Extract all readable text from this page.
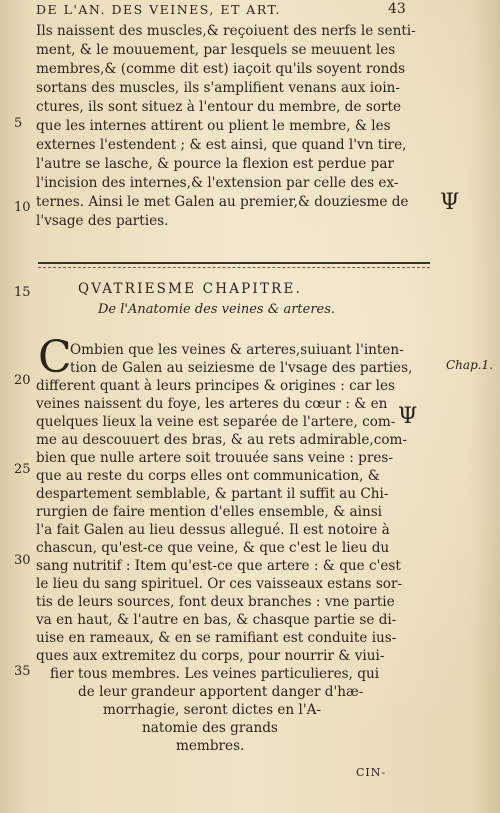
DE L'AN. DES VEINES, ET ART.	43
Ils naissent des muscles,& reçoiuent des nerfs le senti-
ment, & le mouuement, par lesquels se meuuent les
membres,& (comme dit est) iaçoit qu'ils soyent ronds
sortans des muscles, ils s'amplifient venans aux ioin-
ctures, ils sont situez à l'entour du membre, de sorte
que les internes attirent ou plient le membre, & les
externes l'estendent ; & est ainsi, que quand l'vn tire,
l'autre se lasche, & pource la flexion est perdue par
l'incision des internes,& l'extension par celle des ex-
ternes. Ainsi le met Galen au premier,& douziesme de
l'vsage des parties.
5
10
15
20
25
30
35
Ψ
Ψ
QVATRIESME CHAPITRE.
De l'Anatomie des veines & arteres.
C	Chap.1.
Ombien que les veines & arteres,suiuant l'inten-
tion de Galen au seiziesme de l'vsage des parties,
different quant à leurs principes & origines : car les
veines naissent du foye, les arteres du cœur : & en
quelques lieux la veine est separée de l'artere, com-
me au descouuert des bras, & au rets admirable,com-
bien que nulle artere soit trouuée sans veine : pres-
que au reste du corps elles ont communication, &
despartement semblable, & partant il suffit au Chi-
rurgien de faire mention d'elles ensemble, & ainsi
l'a fait Galen au lieu dessus allegué. Il est notoire à
chascun, qu'est-ce que veine, & que c'est le lieu du
sang nutritif : Item qu'est-ce que artere : & que c'est
le lieu du sang spirituel. Or ces vaisseaux estans sor-
tis de leurs sources, font deux branches : vne partie
va en haut, & l'autre en bas, & chasque partie se di-
uise en rameaux, & en se ramifiant est conduite ius-
ques aux extremitez du corps, pour nourrir & viui-
fier tous membres. Les veines particulieres, qui
de leur grandeur apportent danger d'hæ-
morrhagie, seront dictes en l'A-
natomie des grands
membres.
CIN-
